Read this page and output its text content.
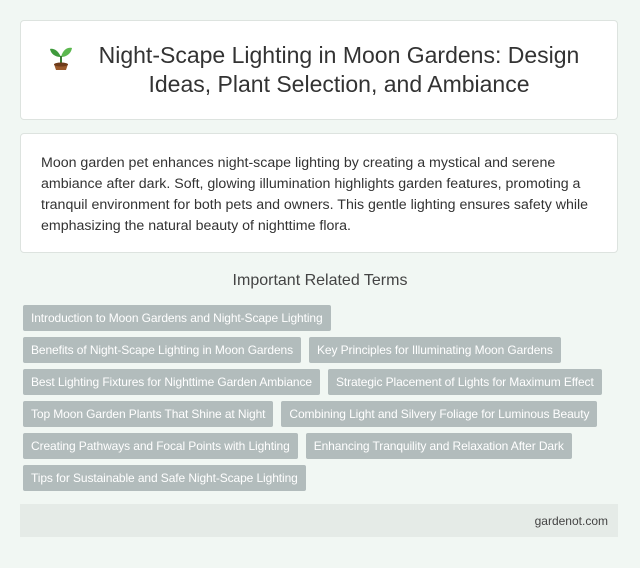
Night-Scape Lighting in Moon Gardens: Design Ideas, Plant Selection, and Ambiance

Moon garden pet enhances night-scape lighting by creating a mystical and serene ambiance after dark. Soft, glowing illumination highlights garden features, promoting a tranquil environment for both pets and owners. This gentle lighting ensures safety while emphasizing the natural beauty of nighttime flora.

Important Related Terms
Introduction to Moon Gardens and Night-Scape Lighting
Benefits of Night-Scape Lighting in Moon Gardens	Key Principles for Illuminating Moon Gardens
Best Lighting Fixtures for Nighttime Garden Ambiance	Strategic Placement of Lights for Maximum Effect
Top Moon Garden Plants That Shine at Night	Combining Light and Silvery Foliage for Luminous Beauty
Creating Pathways and Focal Points with Lighting	Enhancing Tranquility and Relaxation After Dark
Tips for Sustainable and Safe Night-Scape Lighting
gardenot.com
